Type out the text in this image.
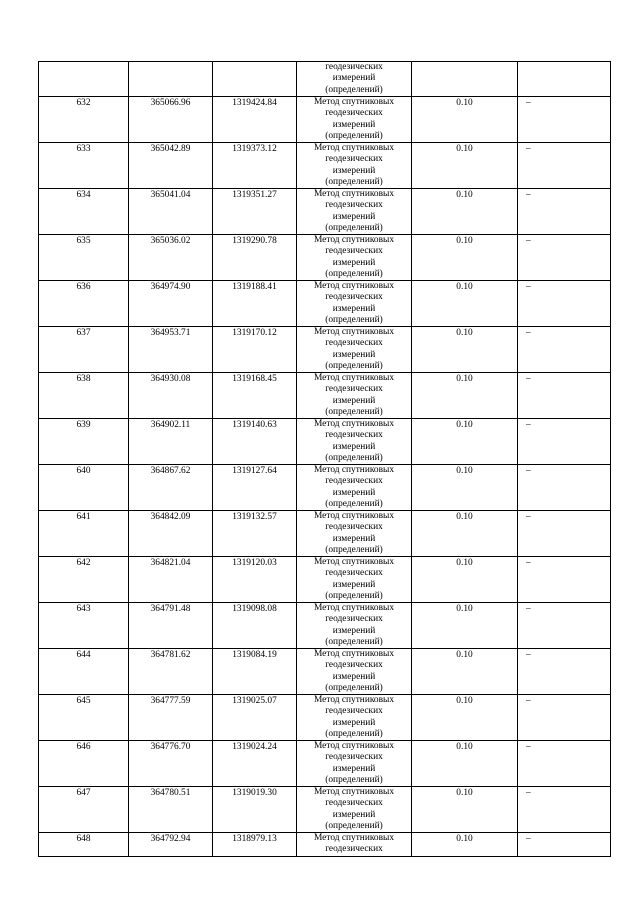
			геодезических
измерений
(определений)		

632	365066.96	1319424.84	Метод спутниковых
геодезических
измерений
(определений)	0.10	–

633	365042.89	1319373.12	Метод спутниковых
геодезических
измерений
(определений)	0.10	–

634	365041.04	1319351.27	Метод спутниковых
геодезических
измерений
(определений)	0.10	–

635	365036.02	1319290.78	Метод спутниковых
геодезических
измерений
(определений)	0.10	–

636	364974.90	1319188.41	Метод спутниковых
геодезических
измерений
(определений)	0.10	–

637	364953.71	1319170.12	Метод спутниковых
геодезических
измерений
(определений)	0.10	–

638	364930.08	1319168.45	Метод спутниковых
геодезических
измерений
(определений)	0.10	–

639	364902.11	1319140.63	Метод спутниковых
геодезических
измерений
(определений)	0.10	–

640	364867.62	1319127.64	Метод спутниковых
геодезических
измерений
(определений)	0.10	–

641	364842.09	1319132.57	Метод спутниковых
геодезических
измерений
(определений)	0.10	–

642	364821.04	1319120.03	Метод спутниковых
геодезических
измерений
(определений)	0.10	–

643	364791.48	1319098.08	Метод спутниковых
геодезических
измерений
(определений)	0.10	–

644	364781.62	1319084.19	Метод спутниковых
геодезических
измерений
(определений)	0.10	–

645	364777.59	1319025.07	Метод спутниковых
геодезических
измерений
(определений)	0.10	–

646	364776.70	1319024.24	Метод спутниковых
геодезических
измерений
(определений)	0.10	–

647	364780.51	1319019.30	Метод спутниковых
геодезических
измерений
(определений)	0.10	–

648	364792.94	1318979.13	Метод спутниковых
геодезических	0.10	–
